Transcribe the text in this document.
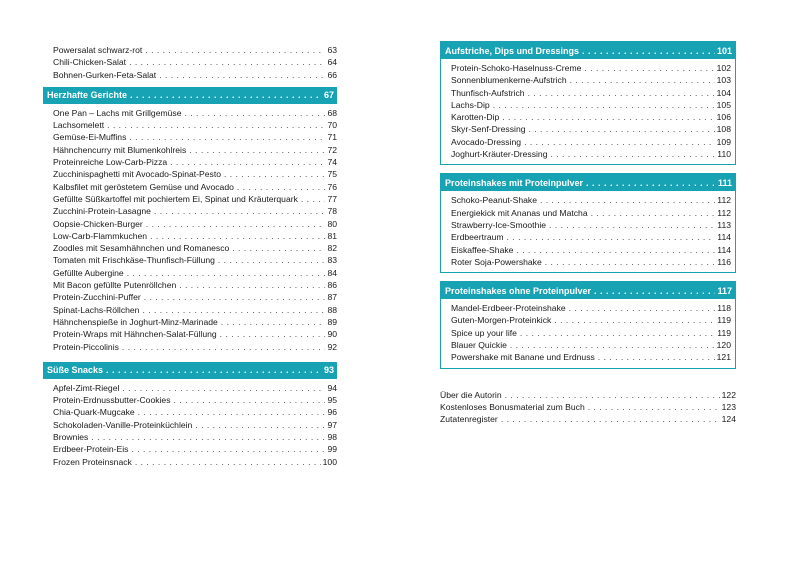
Powersalat schwarz-rot . . .	63
Chili-Chicken-Salat . . .	64
Bohnen-Gurken-Feta-Salat . . .	66
Herzhafte Gerichte . . .	67
One Pan – Lachs mit Grillgemüse . . .	68
Lachsomelett . . .	70
Gemüse-Ei-Muffins . . .	71
Hähnchencurry mit Blumenkohlreis . . .	72
Proteinreiche Low-Carb-Pizza . . .	74
Zucchinispaghetti mit Avocado-Spinat-Pesto . . .	75
Kalbsfilet mit geröstetem Gemüse und Avocado . . .	76
Gefüllte Süßkartoffel mit pochiertem Ei, Spinat und Kräuterquark . . .	77
Zucchini-Protein-Lasagne . . .	78
Oopsie-Chicken-Burger . . .	80
Low-Carb-Flammkuchen . . .	81
Zoodles mit Sesamhähnchen und Romanesco . . .	82
Tomaten mit Frischkäse-Thunfisch-Füllung . . .	83
Gefüllte Aubergine . . .	84
Mit Bacon gefüllte Putenröllchen . . .	86
Protein-Zucchini-Puffer . . .	87
Spinat-Lachs-Röllchen . . .	88
Hähnchenspieße in Joghurt-Minz-Marinade . . .	89
Protein-Wraps mit Hähnchen-Salat-Füllung . . .	90
Protein-Piccolinis . . .	92
Süße Snacks . . .	93
Apfel-Zimt-Riegel . . .	94
Protein-Erdnussbutter-Cookies . . .	95
Chia-Quark-Mugcake . . .	96
Schokoladen-Vanille-Proteinküchlein . . .	97
Brownies . . .	98
Erdbeer-Protein-Eis . . .	99
Frozen Proteinsnack . . .	100
Aufstriche, Dips und Dressings . . .	101
Protein-Schoko-Haselnuss-Creme . . .	102
Sonnenblumenkerne-Aufstrich . . .	103
Thunfisch-Aufstrich . . .	104
Lachs-Dip . . .	105
Karotten-Dip . . .	106
Skyr-Senf-Dressing . . .	108
Avocado-Dressing . . .	109
Joghurt-Kräuter-Dressing . . .	110
Proteinshakes mit Proteinpulver . . .	111
Schoko-Peanut-Shake . . .	112
Energiekick mit Ananas und Matcha . . .	112
Strawberry-Ice-Smoothie . . .	113
Erdbeertraum . . .	114
Eiskaffee-Shake . . .	114
Roter Soja-Powershake . . .	116
Proteinshakes ohne Proteinpulver . . .	117
Mandel-Erdbeer-Proteinshake . . .	118
Guten-Morgen-Proteinkick . . .	119
Spice up your life . . .	119
Blauer Quickie . . .	120
Powershake mit Banane und Erdnuss . . .	121
Über die Autorin . . .	122
Kostenloses Bonusmaterial zum Buch . . .	123
Zutatenregister . . .	124
